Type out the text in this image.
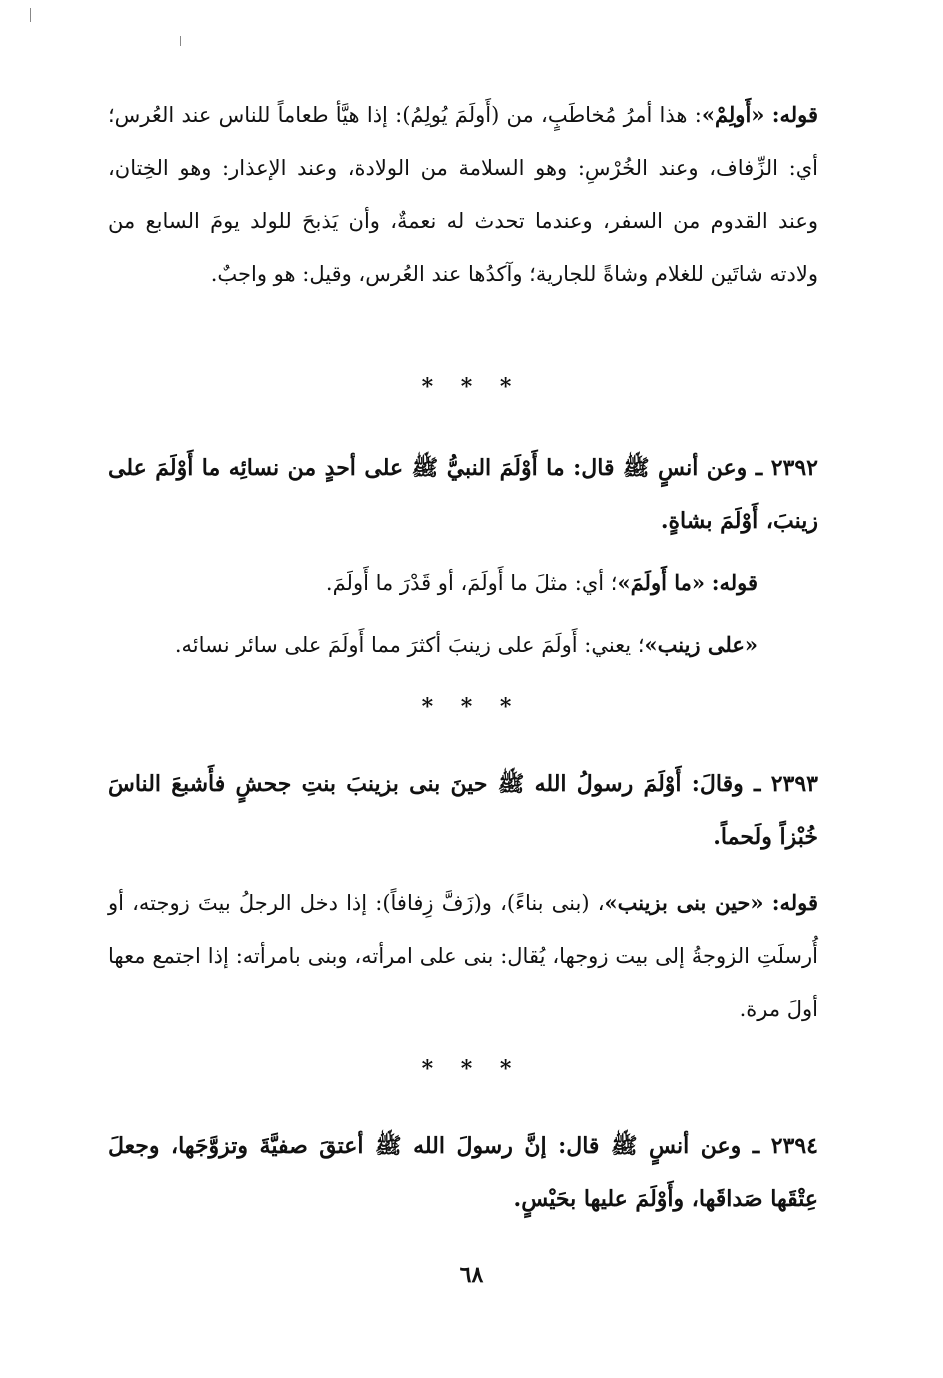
قوله: «أَولِمْ»: هذا أمرُ مُخاطَبٍ، من (أَولَمَ يُولِمُ): إذا هيَّأ طعاماً للناس عند العُرس؛ أي: الزِّفاف، وعند الخُرْسِ: وهو السلامة من الولادة، وعند الإعذار: وهو الخِتان، وعند القدوم من السفر، وعندما تحدث له نعمةٌ، وأن يَذبحَ للولد يومَ السابع من ولادته شاتَين للغلام وشاةً للجارية؛ وآكدُها عند العُرس، وقيل: هو واجبٌ.
* * *
٢٣٩٢ ـ وعن أنسٍ ﷺ قال: ما أَوْلَمَ النبيُّ ﷺ على أحدٍ من نسائِه ما أَوْلَمَ على زينبَ، أَوْلَمَ بشاةٍ.
قوله: «ما أَولَمَ»؛ أي: مثلَ ما أَولَمَ، أو قَدْرَ ما أَولَمَ.
«على زينب»؛ يعني: أَولَمَ على زينبَ أكثرَ مما أَولَمَ على سائر نسائه.
* * *
٢٣٩٣ ـ وقالَ: أَوْلَمَ رسولُ الله ﷺ حينَ بنى بزينبَ بنتِ جحشٍ فأَشبعَ الناسَ خُبْزاً ولَحماً.
قوله: «حين بنى بزينب»، (بنى بناءً)، و(زَفَّ زِفافاً): إذا دخل الرجلُ بيتَ زوجته، أو أُرسلَتِ الزوجةُ إلى بيت زوجها، يُقال: بنى على امرأته، وبنى بامرأته: إذا اجتمع معها أولَ مرة.
* * *
٢٣٩٤ ـ وعن أنسٍ ﷺ قال: إنَّ رسولَ الله ﷺ أعتقَ صفيَّةَ وتزوَّجَها، وجعلَ عِتْقَها صَداقَها، وأَوْلَمَ عليها بحَيْسٍ.
٦٨
